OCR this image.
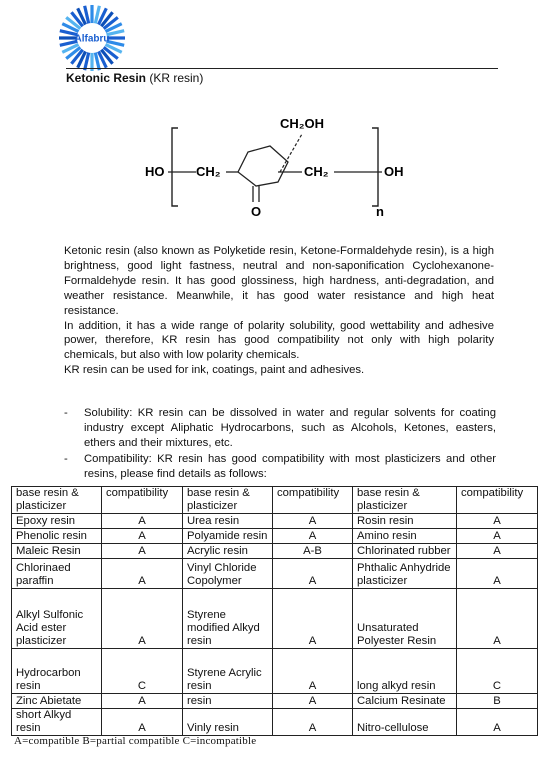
Alfabru
Ketonic Resin (KR resin)
HO CH₂
O
CH₂OH
CH₂	OH
n

Ketonic resin (also known as Polyketide resin, Ketone-Formaldehyde resin), is a high brightness, good light fastness, neutral and non-saponification Cyclohexanone-Formaldehyde resin. It has good glossiness, high hardness, anti-degradation, and weather resistance. Meanwhile, it has good water resistance and high heat resistance.

In addition, it has a wide range of polarity solubility, good wettability and adhesive power, therefore, KR resin has good compatibility not only with high polarity chemicals, but also with low polarity chemicals.

KR resin can be used for ink, coatings, paint and adhesives.

- Solubility: KR resin can be dissolved in water and regular solvents for coating industry except Aliphatic Hydrocarbons, such as Alcohols, Ketones, easters, ethers and their mixtures, etc.
- Compatibility: KR resin has good compatibility with most plasticizers and other resins, please find details as follows:
base resin & plasticizer	compatibility	base resin & plasticizer	compatibility	base resin & plasticizer	compatibility
Epoxy resin	A	Urea resin	A	Rosin resin	A
Phenolic resin	A	Polyamide resin	A	Amino resin	A
Maleic Resin	A	Acrylic resin	A-B	Chlorinated rubber	A
Chlorinaed paraffin	A	Vinyl Chloride Copolymer	A	Phthalic Anhydride plasticizer	A
Alkyl Sulfonic Acid ester plasticizer	A	Styrene modified Alkyd resin	A	Unsaturated Polyester Resin	A
Hydrocarbon resin	C	Styrene Acrylic resin	A	long alkyd resin	C
Zinc Abietate	A	resin	A	Calcium Resinate	B
short Alkyd resin	A	Vinly resin	A	Nitro-cellulose	A
A=compatible B=partial compatible C=incompatible
